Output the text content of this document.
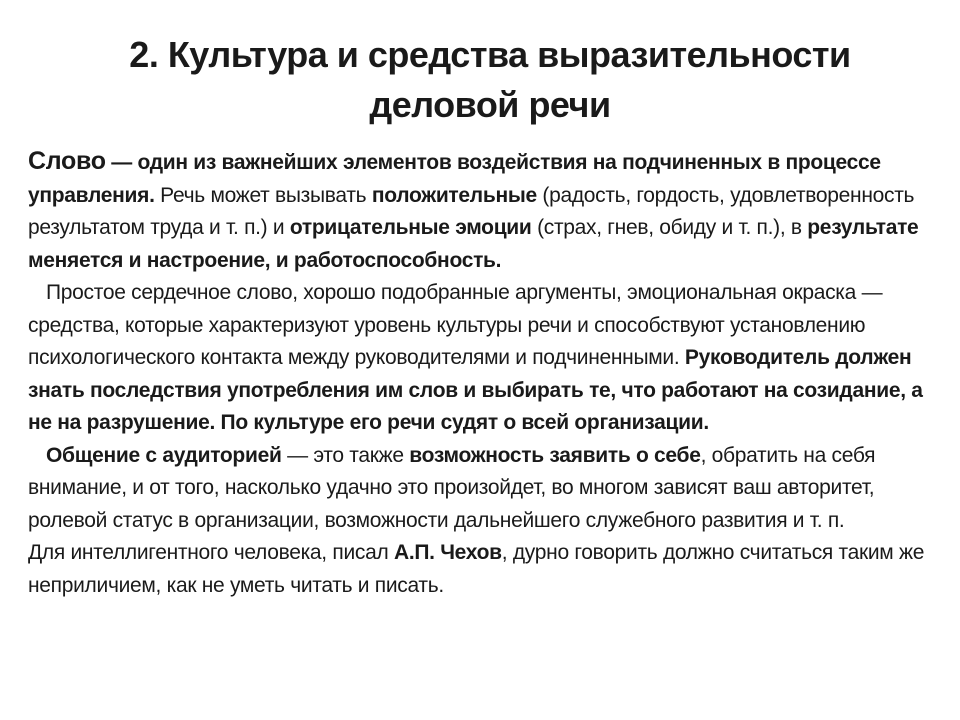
2. Культура и средства выразительности
деловой речи

Слово — один из важнейших элементов воздействия на подчиненных в процессе управления. Речь может вызывать положительные (радость, гордость, удовлетворенность результатом труда и т. п.) и отрицательные эмоции (страх, гнев, обиду и т. п.), в результате меняется и настроение, и работоспособность.

Простое сердечное слово, хорошо подобранные аргументы, эмоциональная окраска — средства, которые характеризуют уровень культуры речи и способствуют установлению психологического контакта между руководителями и подчиненными. Руководитель должен знать последствия употребления им слов и выбирать те, что работают на созидание, а не на разрушение. По культуре его речи судят о всей организации.

Общение с аудиторией — это также возможность заявить о себе, обратить на себя внимание, и от того, насколько удачно это произойдет, во многом зависят ваш авторитет, ролевой статус в организации, возможности дальнейшего служебного развития и т. п.

Для интеллигентного человека, писал А.П. Чехов, дурно говорить должно считаться таким же неприличием, как не уметь читать и писать.
